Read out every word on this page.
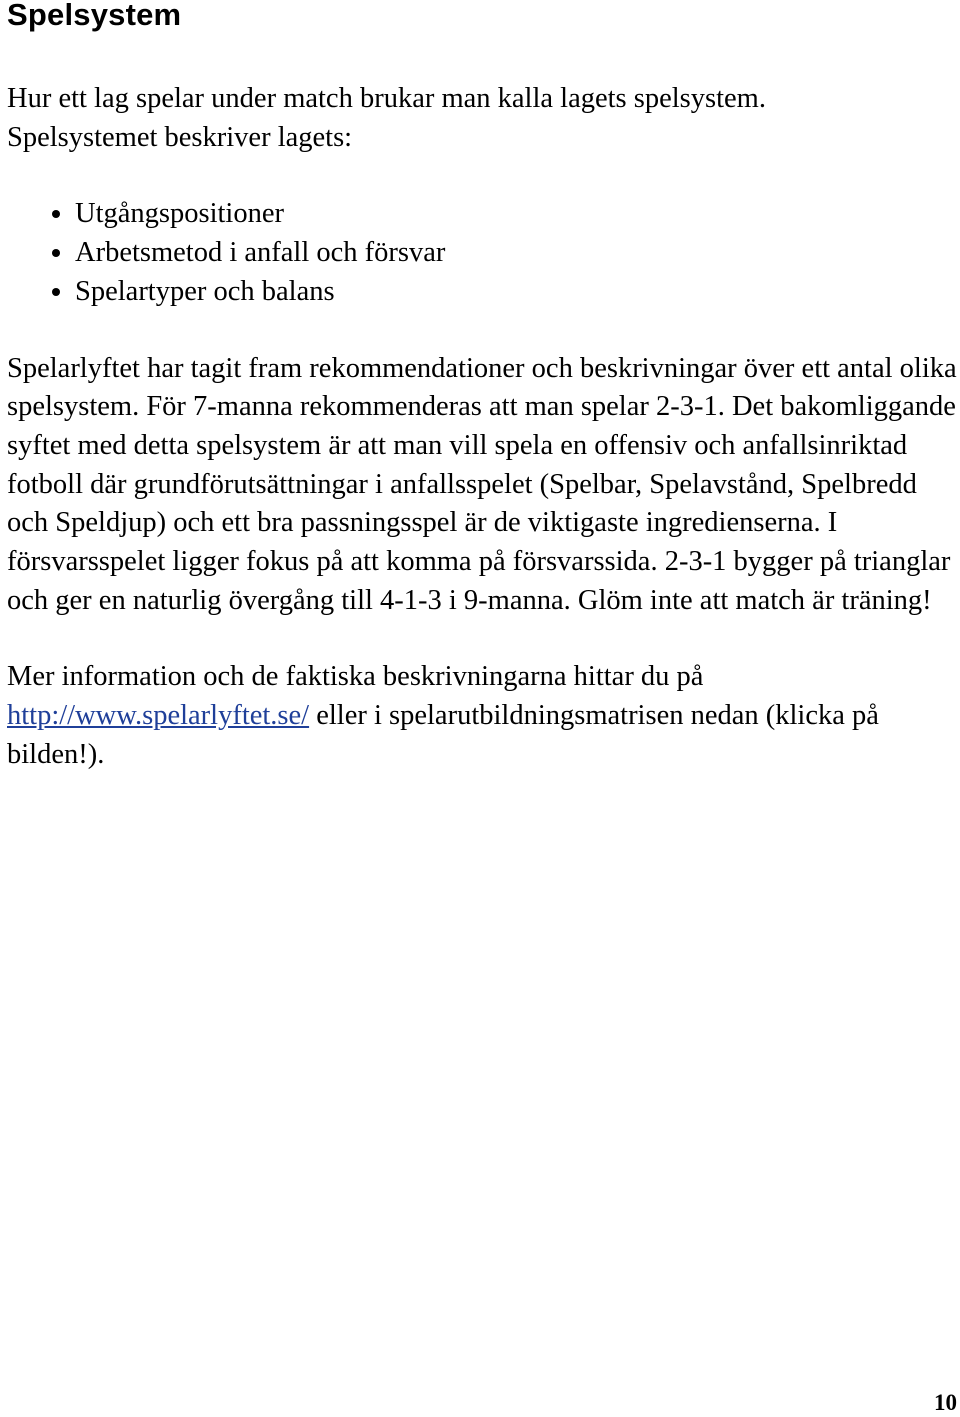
Spelsystem

Hur ett lag spelar under match brukar man kalla lagets spelsystem.
Spelsystemet beskriver lagets:

• Utgångspositioner
• Arbetsmetod i anfall och försvar
• Spelartyper och balans

Spelarlyftet har tagit fram rekommendationer och beskrivningar över ett antal olika spelsystem. För 7-manna rekommenderas att man spelar 2-3-1. Det bakomliggande syftet med detta spelsystem är att man vill spela en offensiv och anfallsinriktad fotboll där grundförutsättningar i anfallsspelet (Spelbar, Spelavstånd, Spelbredd och Speldjup) och ett bra passningsspel är de viktigaste ingredienserna. I försvarsspelet ligger fokus på att komma på försvarssida. 2-3-1 bygger på trianglar och ger en naturlig övergång till 4-1-3 i 9-manna. Glöm inte att match är träning!

Mer information och de faktiska beskrivningarna hittar du på
http://www.spelarlyftet.se/ eller i spelarutbildningsmatrisen nedan (klicka på bilden!).

10
